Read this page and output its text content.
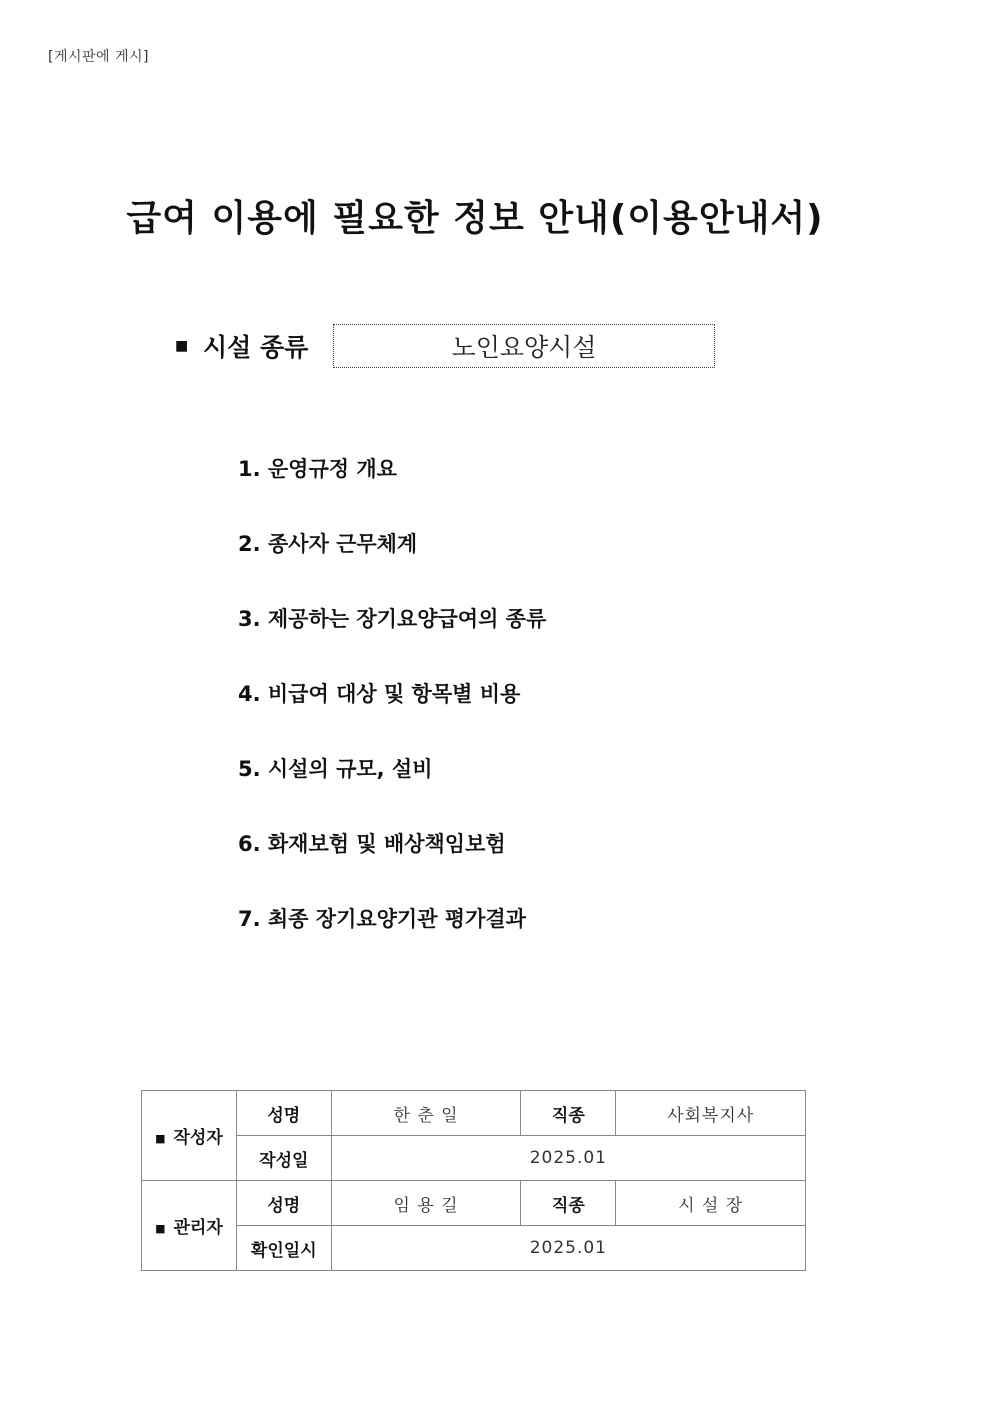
[게시판에 게시]
급여 이용에 필요한 정보 안내(이용안내서)
■ 시설 종류	노인요양시설
1. 운영규정 개요
2. 종사자 근무체계
3. 제공하는 장기요양급여의 종류
4. 비급여 대상 및 항목별 비용
5. 시설의 규모, 설비
6. 화재보험 및 배상책임보험
7. 최종 장기요양기관 평가결과
■ 작성자	성명	한 춘 일	직종	사회복지사
	작성일	2025.01		
■ 관리자	성명	임 용 길	직종	시 설 장
	확인일시	2025.01		
